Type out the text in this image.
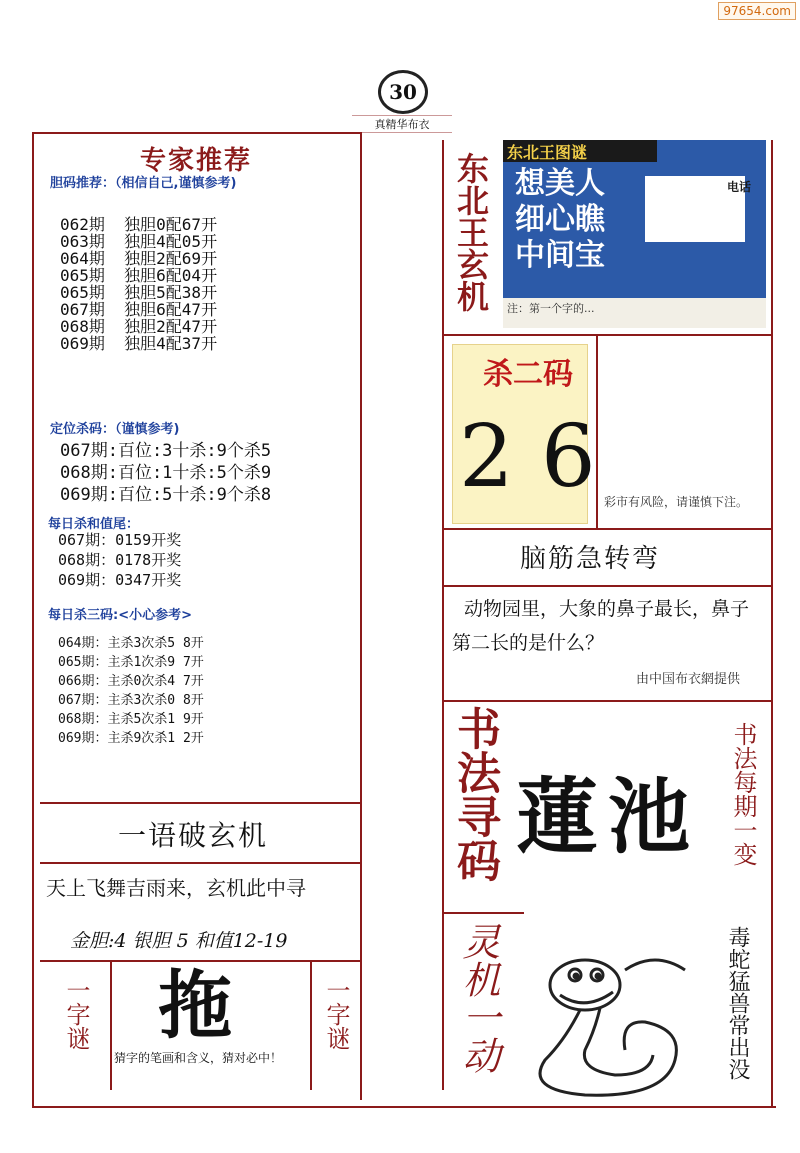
97654.com
30
真精华布衣
专家推荐
胆码推荐：（相信自己,谨慎参考)
062期  独胆0配67开
063期  独胆4配05开
064期  独胆2配69开
065期  独胆6配04开
065期  独胆5配38开
067期  独胆6配47开
068期  独胆2配47开
069期  独胆4配37开
定位杀码：（谨慎参考)
067期:百位:3十杀:9个杀5
068期:百位:1十杀:5个杀9
069期:百位:5十杀:9个杀8
每日杀和值尾：
067期：0159开奖
068期：0178开奖
069期：0347开奖
每日杀三码:<小心参考>
064期：主杀3次杀5 8开
065期：主杀1次杀9 7开
066期：主杀0次杀4 7开
067期：主杀3次杀0 8开
068期：主杀5次杀1 9开
069期：主杀9次杀1 2开
一语破玄机
天上飞舞吉雨来，玄机此中寻
金胆:4 银胆 5 和值12-19
一字谜 拖
猜字的笔画和含义，猜对必中！
一字谜
东北王玄机 东北王图谜
想美人
细心瞧
中间宝
电话
注：第一个字的...
杀二码
2 6 彩市有风险，请谨慎下注。
脑筋急转弯
动物园里，大象的鼻子最长，鼻子第二长的是什么？
由中国布衣網提供
书法寻码 蓮池 书法每期一变
灵机一动	毒蛇猛兽常出没
